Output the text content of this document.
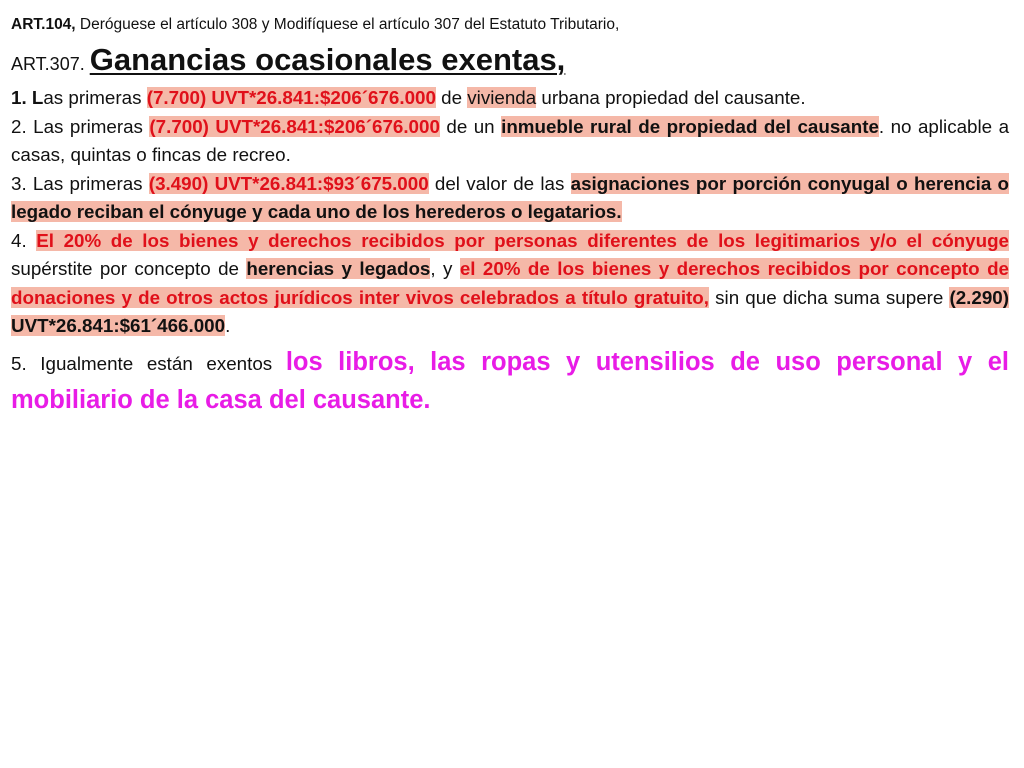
ART.104, Deróguese el artículo 308 y Modifíquese el artículo 307 del Estatuto Tributario,

ART.307. Ganancias ocasionales exentas,

1. Las primeras (7.700) UVT*26.841:$206´676.000 de vivienda urbana propiedad del causante.

2. Las primeras (7.700) UVT*26.841:$206´676.000 de un inmueble rural de propiedad del causante. no aplicable a casas, quintas o fincas de recreo.

3. Las primeras (3.490) UVT*26.841:$93´675.000 del valor de las asignaciones por porción conyugal o herencia o legado reciban el cónyuge y cada uno de los herederos o legatarios.

4. El 20% de los bienes y derechos recibidos por personas diferentes de los legitimarios y/o el cónyuge supérstite por concepto de herencias y legados, y el 20% de los bienes y derechos recibidos por concepto de donaciones y de otros actos jurídicos inter vivos celebrados a título gratuito, sin que dicha suma supere (2.290) UVT*26.841:$61´466.000.

5. Igualmente están exentos los libros, las ropas y utensilios de uso personal y el mobiliario de la casa del causante.
